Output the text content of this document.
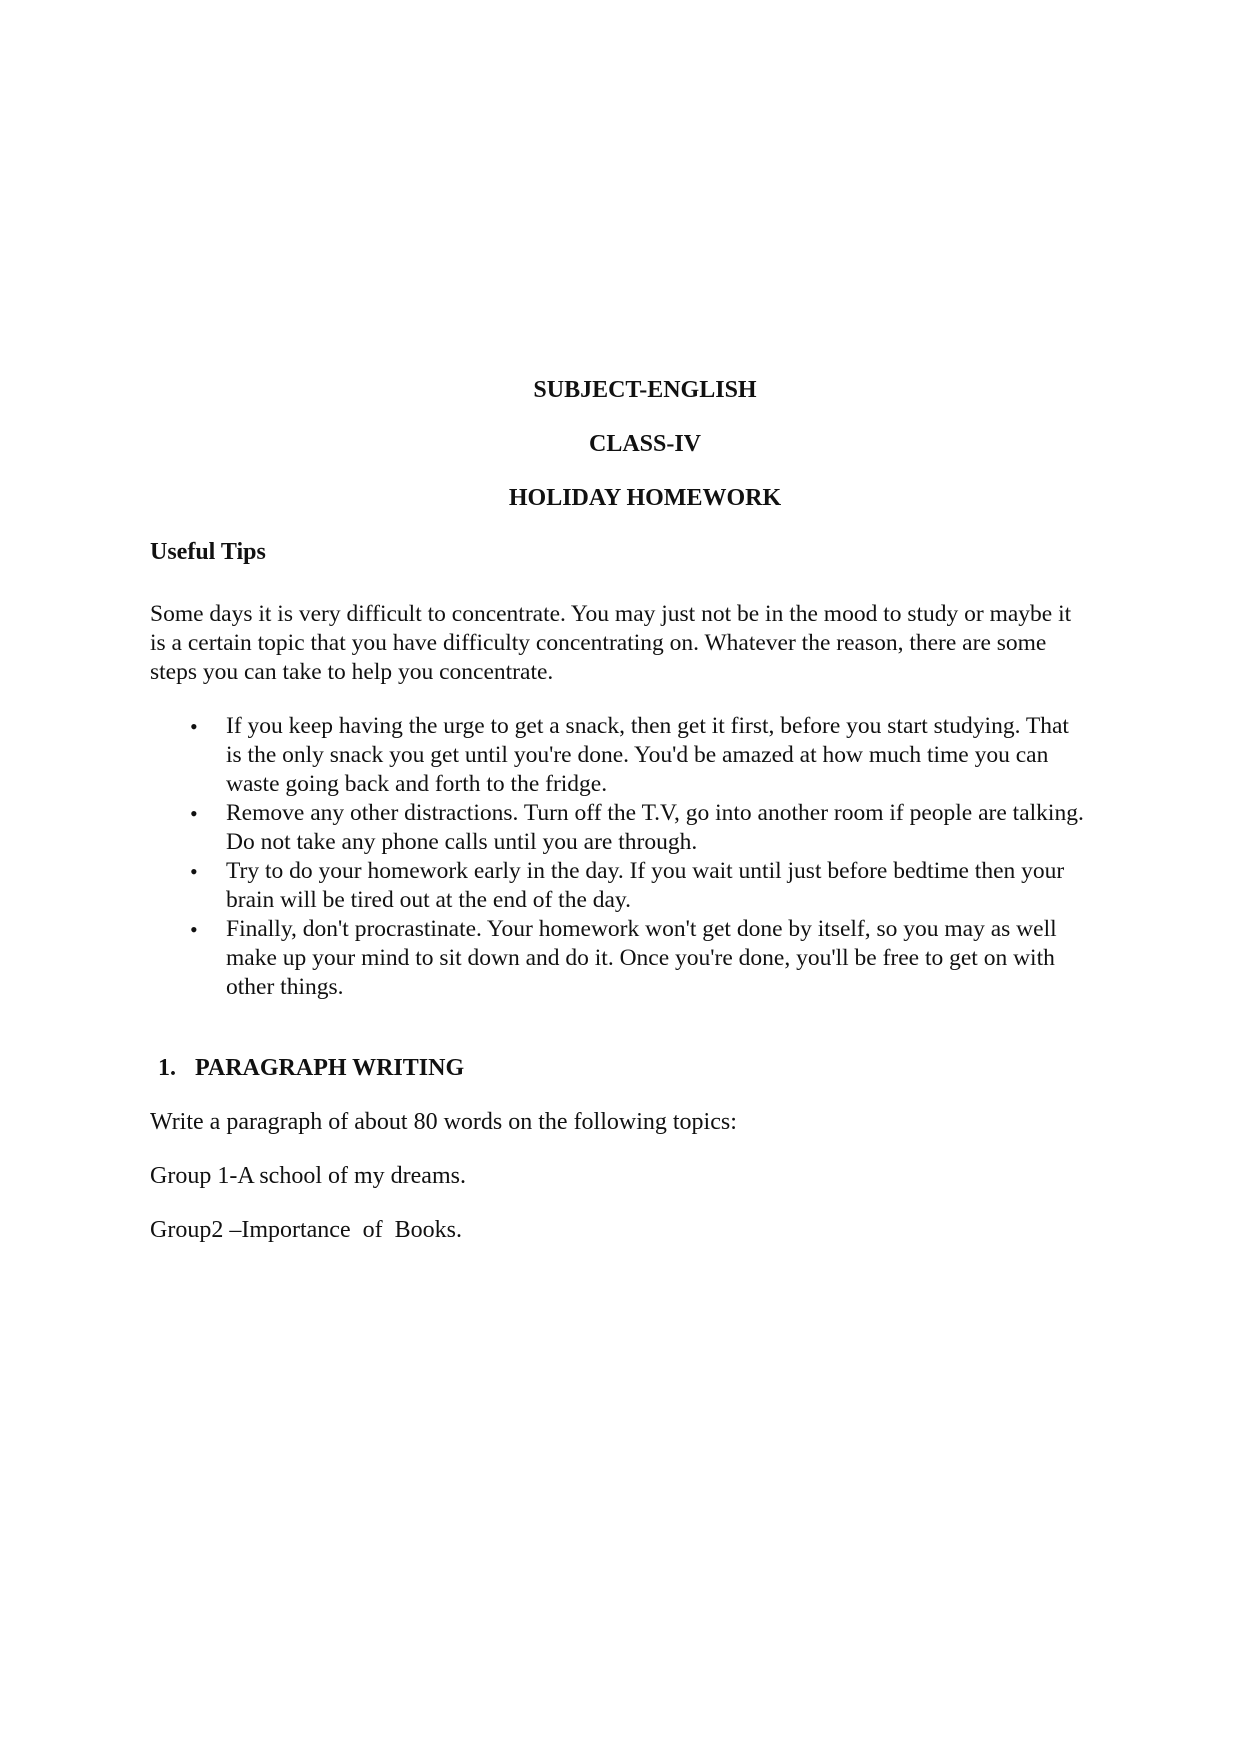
SUBJECT-ENGLISH

CLASS-IV

HOLIDAY HOMEWORK

Useful Tips

Some days it is very difficult to concentrate. You may just not be in the mood to study or maybe it is a certain topic that you have difficulty concentrating on. Whatever the reason, there are some steps you can take to help you concentrate.

• If you keep having the urge to get a snack, then get it first, before you start studying. That is the only snack you get until you're done. You'd be amazed at how much time you can waste going back and forth to the fridge.
• Remove any other distractions. Turn off the T.V, go into another room if people are talking. Do not take any phone calls until you are through.
• Try to do your homework early in the day. If you wait until just before bedtime then your brain will be tired out at the end of the day.
• Finally, don't procrastinate. Your homework won't get done by itself, so you may as well make up your mind to sit down and do it. Once you're done, you'll be free to get on with other things.

1. PARAGRAPH WRITING

Write a paragraph of about 80 words on the following topics:

Group 1-A school of my dreams.

Group2 –Importance  of  Books.
